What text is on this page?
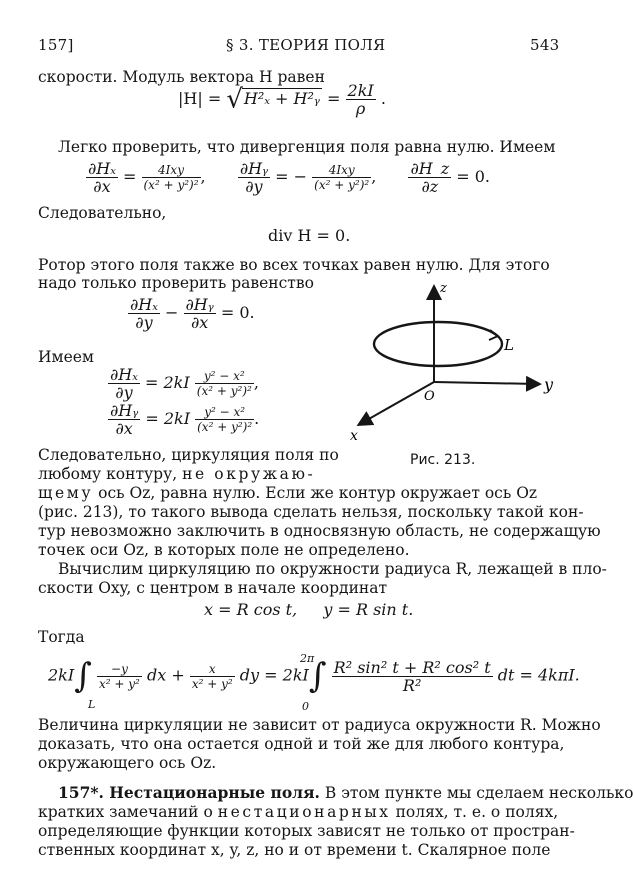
157]	§ 3. ТЕОРИЯ ПОЛЯ	543
скорости. Модуль вектора H равен
|H| = √H²ₓ + H²ᵧ = $\frac{2kI}{\rho}$ .
Легко проверить, что дивергенция поля равна нулю. Имеем
$\frac{\text{∂Hₓ}}{\partial x} = \frac{\text{4Ixy}}{\text{(x² + y²)²}}$ , $\frac{\text{∂Hᵧ}}{\partial y}$ = − $\frac{\text{4Ixy}}{\text{(x² + y²)²}}$ , $\frac{\partial H\_z}{\partial z} = 0$.
Следовательно,
div H = 0.
Ротор этого поля также во всех точках равен нулю. Для этого
надо только проверить равенство
$\frac{\text{∂Hₓ}}{\partial y} - \frac{\text{∂Hᵧ}}{\partial x} = 0$.
Имеем
$\frac{\text{∂Hₓ}}{\partial y} = 2kI \frac{\text{y² − x²}}{\text{(x² + y²)²}}$ ,
$\frac{\text{∂Hᵧ}}{\partial x} = 2kI \frac{\text{y² − x²}}{\text{(x² + y²)²}}$ .
z
y
x
O
L
Рис. 213.
Следовательно, циркуляция поля по
любому контуру, не окружаю-
щему ось Oz, равна нулю. Если же контур окружает ось Oz
(рис. 213), то такого вывода сделать нельзя, поскольку такой кон-
тур невозможно заключить в односвязную область, не содержащую
точек оси Oz, в которых поле не определено.
Вычислим циркуляцию по окружности радиуса R, лежащей в пло-
скости Oxy, с центром в начале координат
x = R cos t, y = R sin t.
Тогда
$2kI\int \frac{-y}{\text{x² + y²}}$ dx + $\frac{x}{\text{x² + y²}}$ dy = $2kI\int \frac{\text{R² sin² t + R² cos² t}}{\text{R²}}$ dt = 4kπI.
L
2π
0
Величина циркуляции не зависит от радиуса окружности R. Можно
доказать, что она остается одной и той же для любого контура,
окружающего ось Oz.
157*. Нестационарные поля. В этом пункте мы сделаем несколько
кратких замечаний о нестационарных полях, т. е. о полях,
определяющие функции которых зависят не только от простран-
ственных координат x, y, z, но и от времени t. Скалярное поле
